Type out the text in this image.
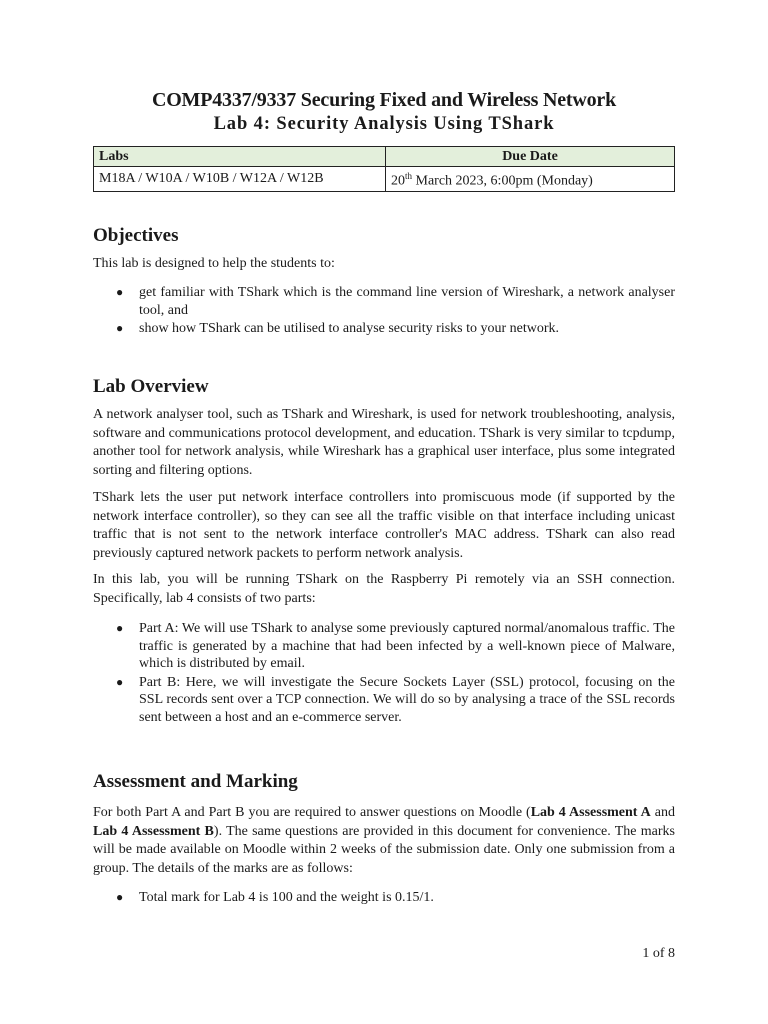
COMP4337/9337 Securing Fixed and Wireless Network
Lab 4: Security Analysis Using TShark
Labs	Due Date
M18A / W10A / W10B / W12A / W12B	20th March 2023, 6:00pm (Monday)
Objectives

This lab is designed to help the students to:

● get familiar with TShark which is the command line version of Wireshark, a network analyser tool, and
● show how TShark can be utilised to analyse security risks to your network.
Lab Overview

A network analyser tool, such as TShark and Wireshark, is used for network troubleshooting, analysis, software and communications protocol development, and education. TShark is very similar to tcpdump, another tool for network analysis, while Wireshark has a graphical user interface, plus some integrated sorting and filtering options.

TShark lets the user put network interface controllers into promiscuous mode (if supported by the network interface controller), so they can see all the traffic visible on that interface including unicast traffic that is not sent to the network interface controller's MAC address. TShark can also read previously captured network packets to perform network analysis.

In this lab, you will be running TShark on the Raspberry Pi remotely via an SSH connection. Specifically, lab 4 consists of two parts:

● Part A: We will use TShark to analyse some previously captured normal/anomalous traffic. The traffic is generated by a machine that had been infected by a well-known piece of Malware, which is distributed by email.
● Part B: Here, we will investigate the Secure Sockets Layer (SSL) protocol, focusing on the SSL records sent over a TCP connection. We will do so by analysing a trace of the SSL records sent between a host and an e-commerce server.
Assessment and Marking

For both Part A and Part B you are required to answer questions on Moodle (Lab 4 Assessment A and Lab 4 Assessment B). The same questions are provided in this document for convenience. The marks will be made available on Moodle within 2 weeks of the submission date. Only one submission from a group. The details of the marks are as follows:

● Total mark for Lab 4 is 100 and the weight is 0.15/1.
1 of 8
